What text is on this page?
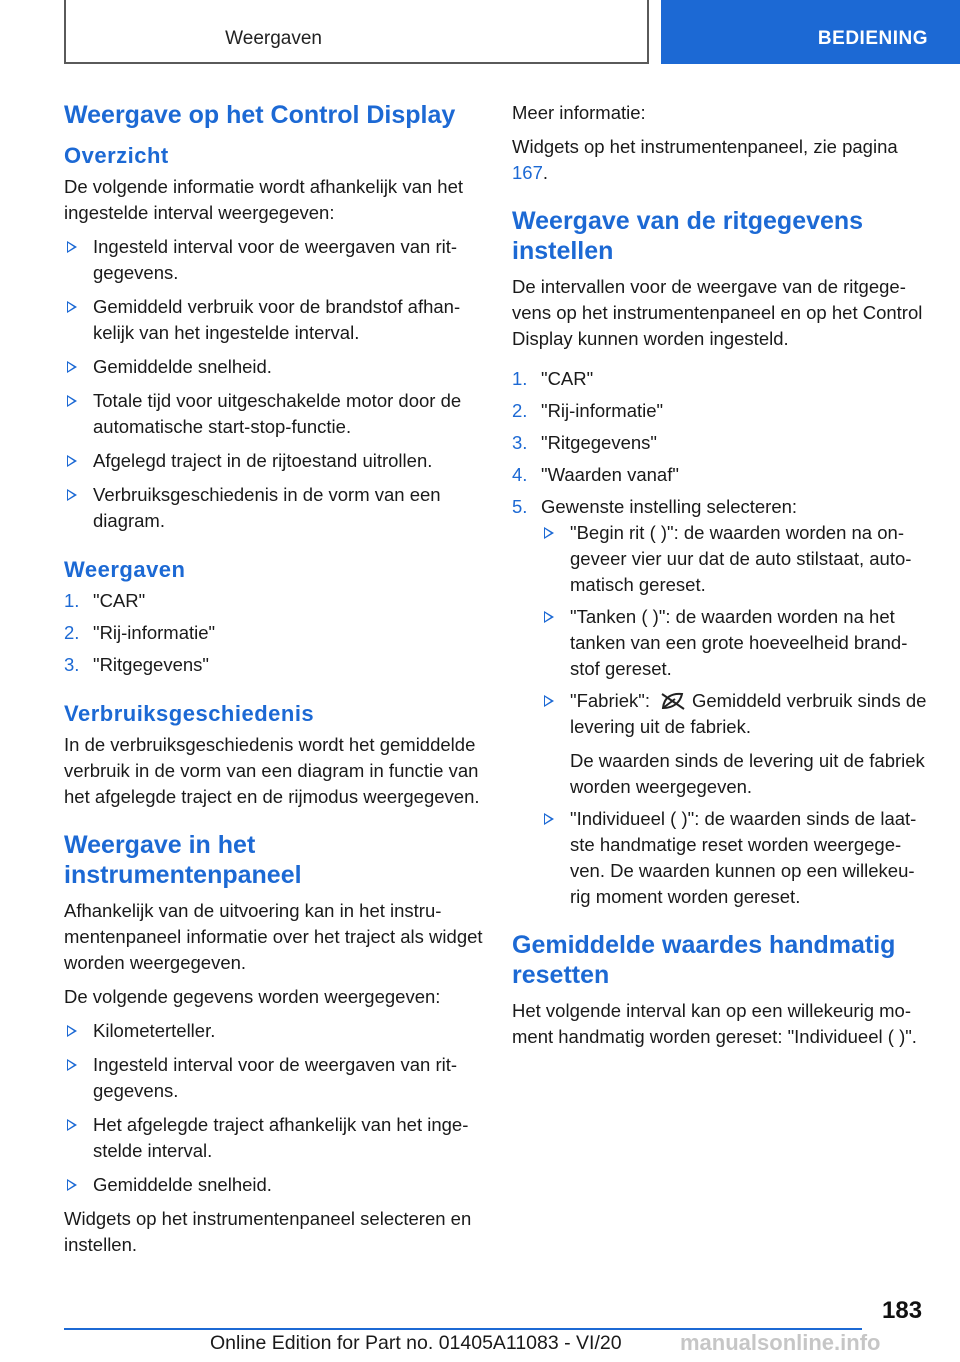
Weergaven	BEDIENING
Weergave op het Control Display
Overzicht

De volgende informatie wordt afhankelijk van het ingestelde interval weergegeven:

Ingesteld interval voor de weergaven van ritgegevens.
Gemiddeld verbruik voor de brandstof afhankelijk van het ingestelde interval.
Gemiddelde snelheid.
Totale tijd voor uitgeschakelde motor door de automatische start-stop-functie.
Afgelegd traject in de rijtoestand uitrollen.
Verbruiksgeschiedenis in de vorm van een diagram.
Weergaven
1. "CAR"
2. "Rij-informatie"
3. "Ritgegevens"
Verbruiksgeschiedenis

In de verbruiksgeschiedenis wordt het gemiddelde verbruik in de vorm van een diagram in functie van het afgelegde traject en de rijmodus weergegeven.

Weergave in het instrumentenpaneel

Afhankelijk van de uitvoering kan in het instrumentenpaneel informatie over het traject als widget worden weergegeven.

De volgende gegevens worden weergegeven:

Kilometerteller.
Ingesteld interval voor de weergaven van ritgegevens.
Het afgelegde traject afhankelijk van het ingestelde interval.
Gemiddelde snelheid.

Widgets op het instrumentenpaneel selecteren en instellen.

Meer informatie:

Widgets op het instrumentenpaneel, zie pagina 167.

Weergave van de ritgegevens instellen

De intervallen voor de weergave van de ritgegevens op het instrumentenpaneel en op het Control Display kunnen worden ingesteld.

1. "CAR"
2. "Rij-informatie"
3. "Ritgegevens"
4. "Waarden vanaf"
5. Gewenste instelling selecteren:
"Begin rit ( )": de waarden worden na ongeveer vier uur dat de auto stilstaat, automatisch gereset.
"Tanken ( )": de waarden worden na het tanken van een grote hoeveelheid brandstof gereset.
"Fabriek": Gemiddeld verbruik sinds de levering uit de fabriek.
De waarden sinds de levering uit de fabriek worden weergegeven.
"Individueel ( )": de waarden sinds de laatste handmatige reset worden weergegeven. De waarden kunnen op een willekeurig moment worden gereset.
Gemiddelde waardes handmatig resetten

Het volgende interval kan op een willekeurig moment handmatig worden gereset: "Individueel ( )".

183
Online Edition for Part no. 01405A11083 - VI/20	manualsonline.info
